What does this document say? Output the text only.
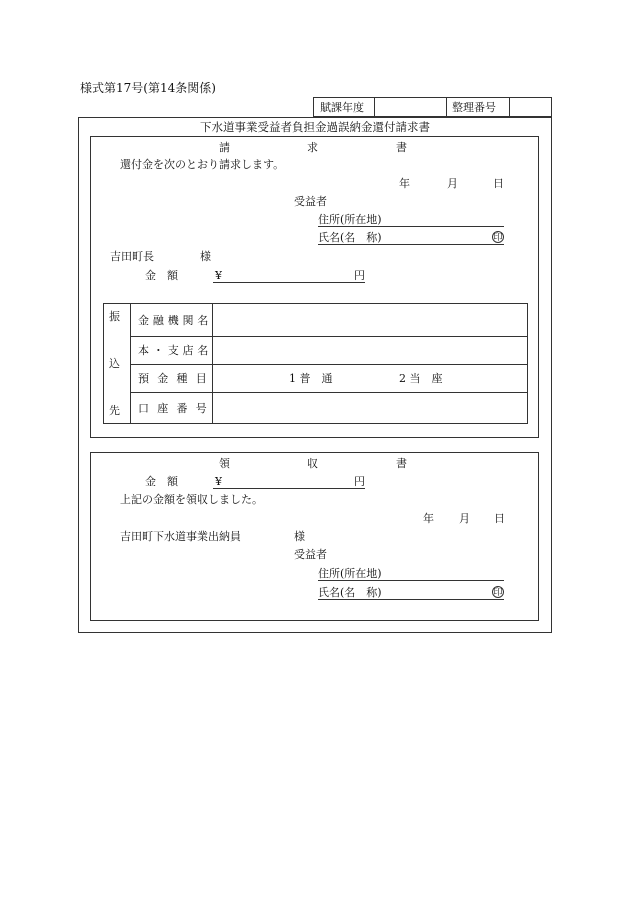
様式第17号(第14条関係)
賦課年度	整理番号
下水道事業受益者負担金過誤納金還付請求書
請	求	書
還付金を次のとおり請求します。
年	月	日
受益者
住所(所在地)
氏名(名　称)	印
吉田町長	様
金　額	¥	円
振
込
先
金融機関名
本・支店名
預金種目	1 普　通	2 当　座
口座番号
領	収	書
金　額	¥	円
上記の金額を領収しました。
年 月 日
吉田町下水道事業出納員	様
受益者
住所(所在地)
氏名(名　称)	印
